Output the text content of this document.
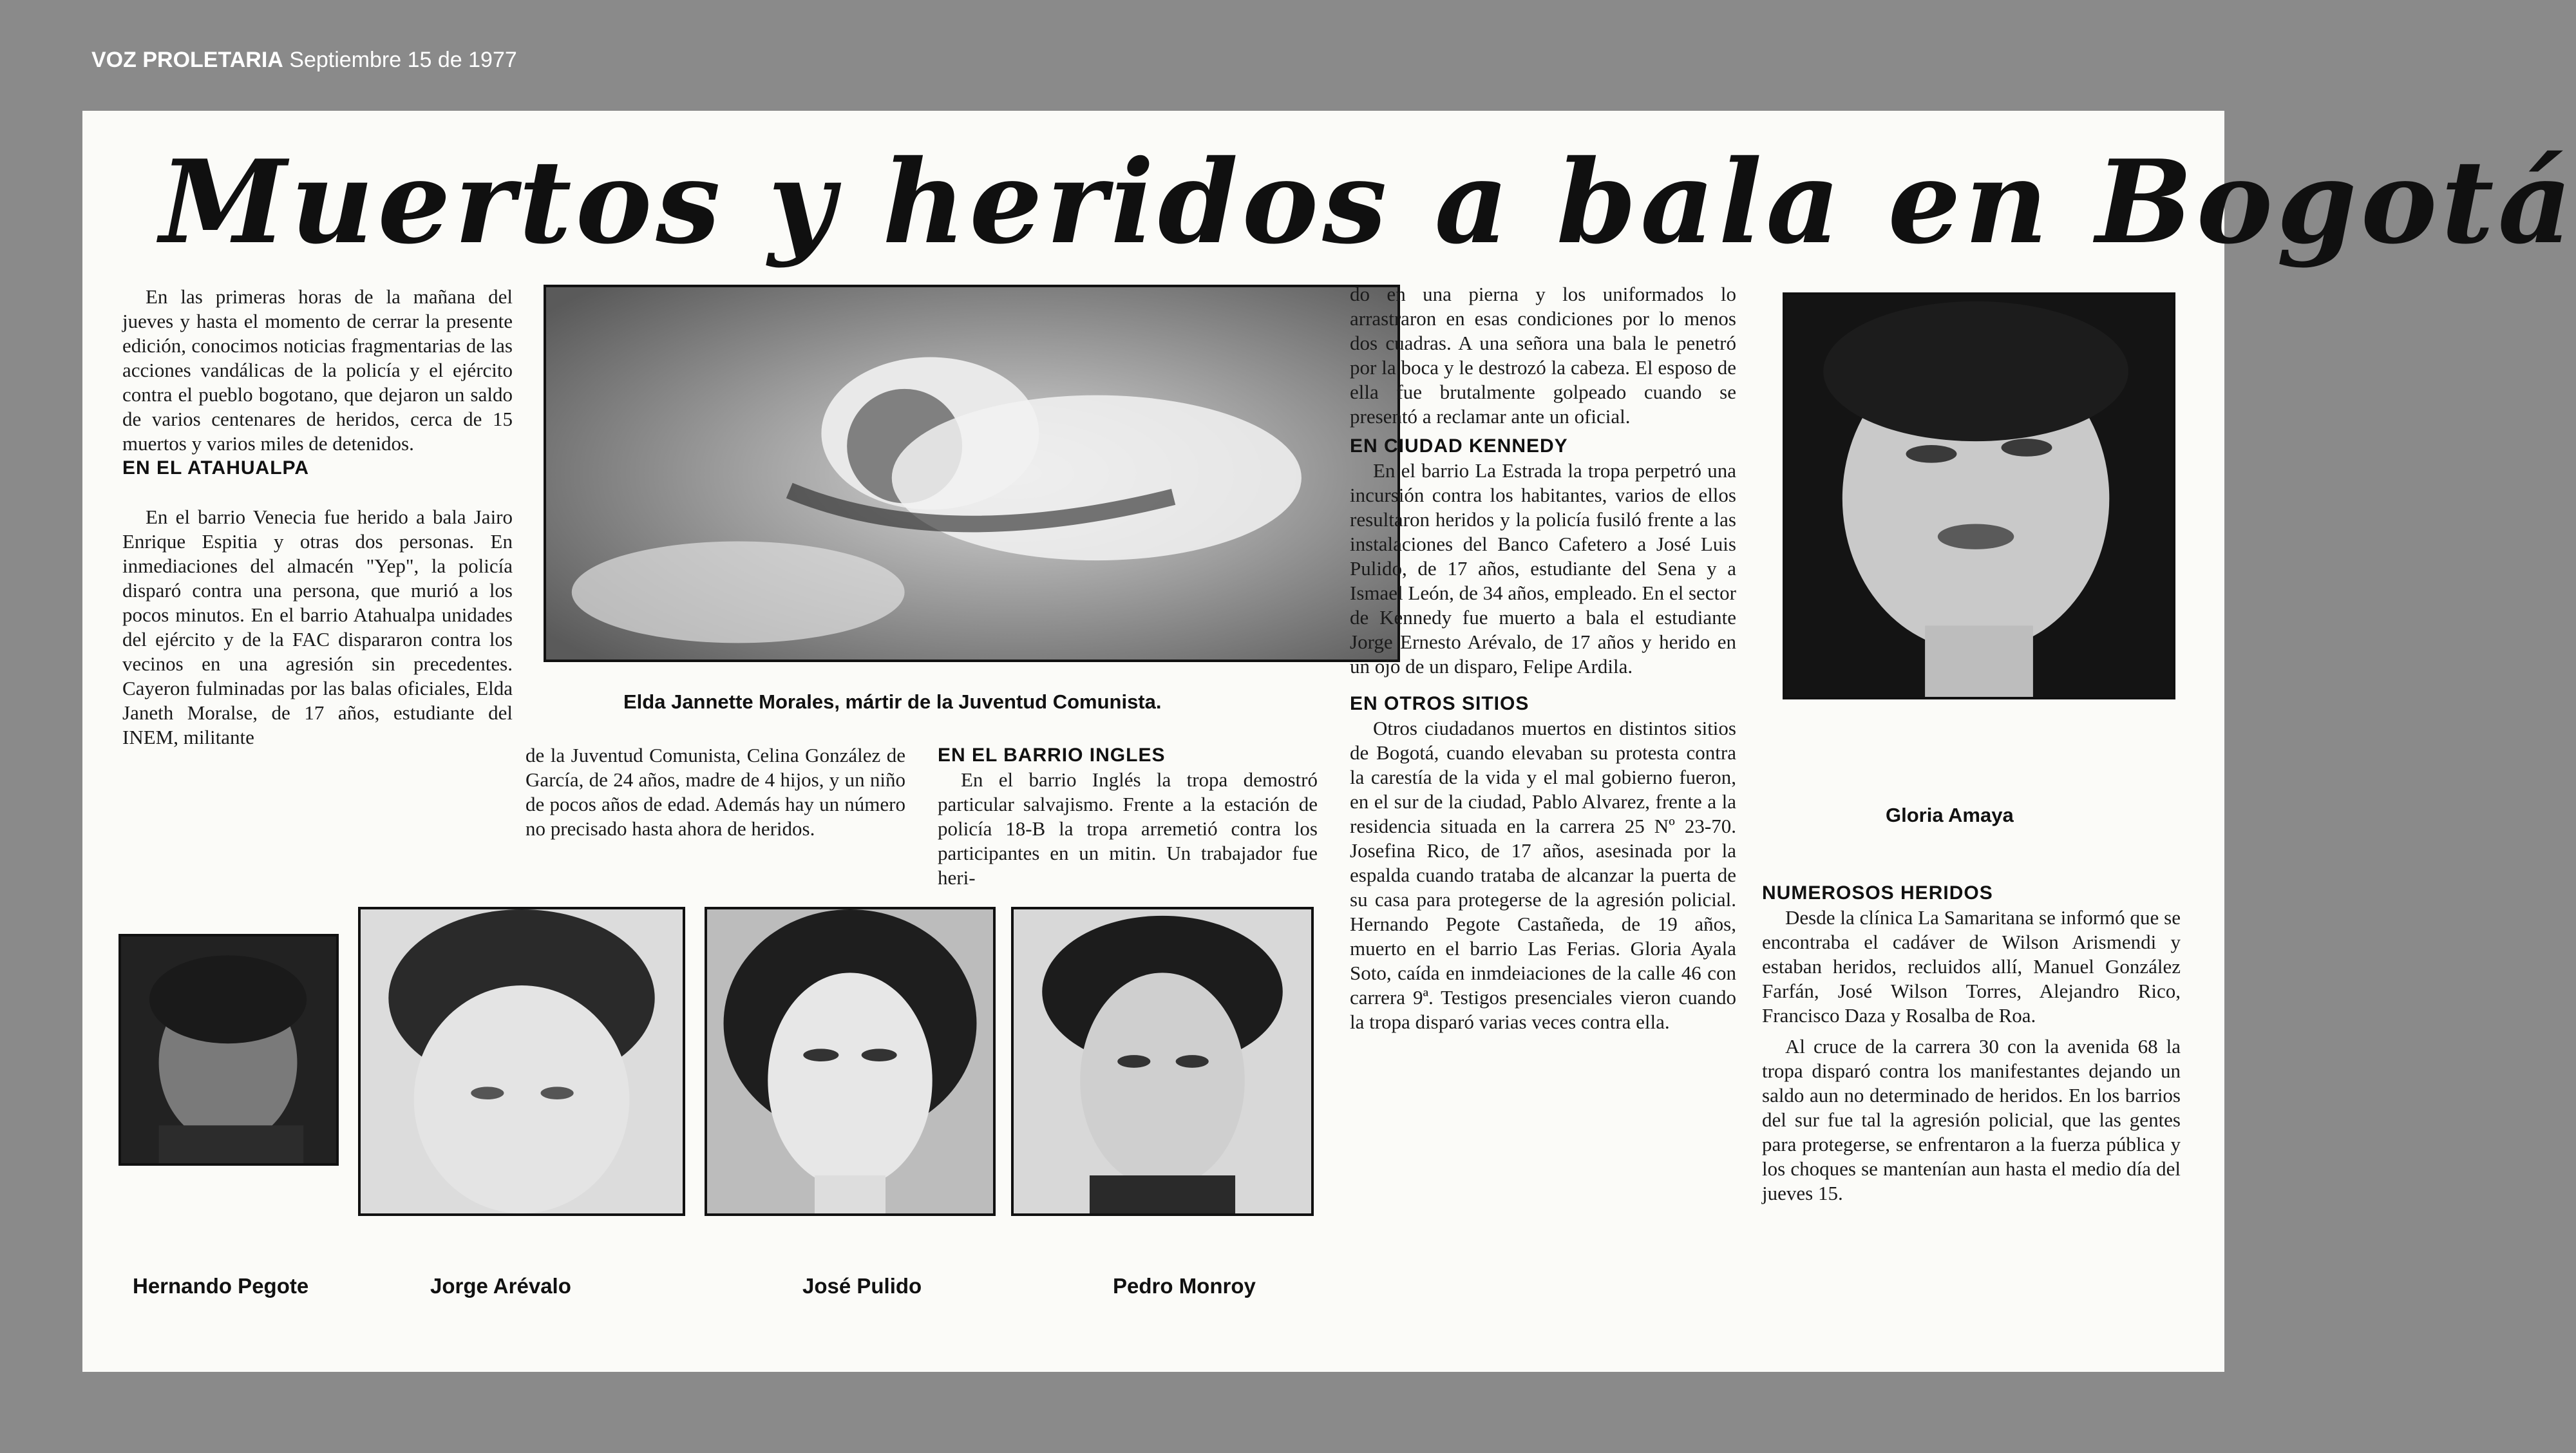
VOZ PROLETARIA Septiembre 15 de 1977
Muertos y heridos a bala en Bogotá

En las primeras horas de la mañana del jueves y hasta el momento de cerrar la presente edición, conocimos noticias fragmentarias de las acciones vandálicas de la policía y el ejército contra el pueblo bogotano, que dejaron un saldo de varios centenares de heridos, cerca de 15 muertos y varios miles de detenidos.

EN EL ATAHUALPA

En el barrio Venecia fue herido a bala Jairo Enrique Espitia y otras dos personas. En inmediaciones del almacén "Yep", la policía disparó contra una persona, que murió a los pocos minutos. En el barrio Atahualpa unidades del ejército y de la FAC dispararon contra los vecinos en una agresión sin precedentes. Cayeron fulminadas por las balas oficiales, Elda Janeth Moralse, de 17 años, estudiante del INEM, militante

Elda Jannette Morales, mártir de la Juventud Comunista.

de la Juventud Comunista, Celina González de García, de 24 años, madre de 4 hijos, y un niño de pocos años de edad. Además hay un número no precisado hasta ahora de heridos.

EN EL BARRIO INGLES

En el barrio Inglés la tropa demostró particular salvajismo. Frente a la estación de policía 18-B la tropa arremetió contra los participantes en un mitin. Un trabajador fue heri-

do en una pierna y los uniformados lo arrastraron en esas condiciones por lo menos dos cuadras. A una señora una bala le penetró por la boca y le destrozó la cabeza. El esposo de ella fue brutalmente golpeado cuando se presentó a reclamar ante un oficial.

EN CIUDAD KENNEDY

En el barrio La Estrada la tropa perpetró una incursión contra los habitantes, varios de ellos resultaron heridos y la policía fusiló frente a las instalaciones del Banco Cafetero a José Luis Pulido, de 17 años, estudiante del Sena y a Ismael León, de 34 años, empleado. En el sector de Kennedy fue muerto a bala el estudiante Jorge Ernesto Arévalo, de 17 años y herido en un ojo de un disparo, Felipe Ardila.

EN OTROS SITIOS

Otros ciudadanos muertos en distintos sitios de Bogotá, cuando elevaban su protesta contra la carestía de la vida y el mal gobierno fueron, en el sur de la ciudad, Pablo Alvarez, frente a la residencia situada en la carrera 25 Nº 23-70. Josefina Rico, de 17 años, asesinada por la espalda cuando trataba de alcanzar la puerta de su casa para protegerse de la agresión policial. Hernando Pegote Castañeda, de 19 años, muerto en el barrio Las Ferias. Gloria Ayala Soto, caída en inmdeiaciones de la calle 46 con carrera 9ª. Testigos presenciales vieron cuando la tropa disparó varias veces contra ella.

Gloria Amaya
NUMEROSOS HERIDOS

Desde la clínica La Samaritana se informó que se encontraba el cadáver de Wilson Arismendi y estaban heridos, recluidos allí, Manuel González Farfán, José Wilson Torres, Alejandro Rico, Francisco Daza y Rosalba de Roa.

Al cruce de la carrera 30 con la avenida 68 la tropa disparó contra los manifestantes dejando un saldo aun no determinado de heridos. En los barrios del sur fue tal la agresión policial, que las gentes para protegerse, se enfrentaron a la fuerza pública y los choques se mantenían aun hasta el medio día del jueves 15.

Hernando Pegote	Jorge Arévalo	José Pulido	Pedro Monroy
